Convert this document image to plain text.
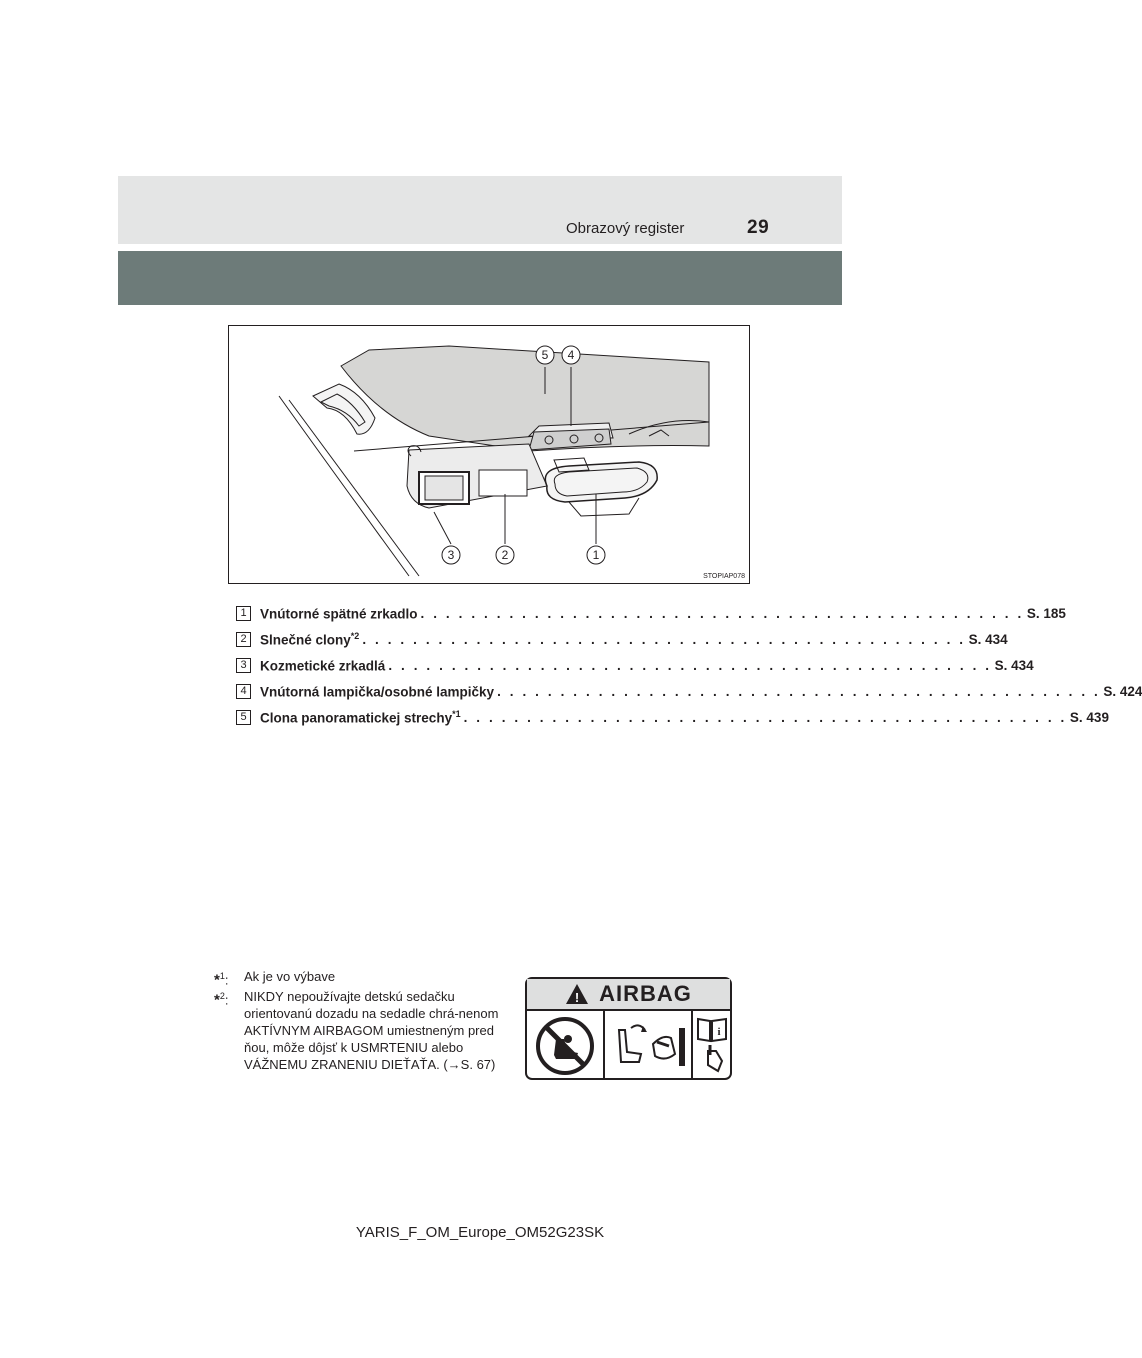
Obrazový register	29
5 4
3	2	1
STOPIAP078
1 Vnútorné spätné zrkadlo . . . . . . . . . . . . . . . . . . . . . . . . . . . . . . . . . . . . . . . . . . . . . . . . S. 185
2 Slnečné clony$^{*2}$ . . . . . . . . . . . . . . . . . . . . . . . . . . . . . . . . . . . . . . . . . . . . . . . . S. 434
3 Kozmetické zrkadlá . . . . . . . . . . . . . . . . . . . . . . . . . . . . . . . . . . . . . . . . . . . . . . . . S. 434
4 Vnútorná lampička/osobné lampičky . . . . . . . . . . . . . . . . . . . . . . . . . . . . . . . . . . . . . . . . . . . . . . . . S. 424
5 Clona panoramatickej strechy$^{*1}$ . . . . . . . . . . . . . . . . . . . . . . . . . . . . . . . . . . . . . . . . . . . . . . . . S. 439
*$^1$:	Ak je vo výbave
*$^2$:	NIKDY nepoužívajte detskú sedačku orientovanú dozadu na sedadle chrá-nenom AKTÍVNYM AIRBAGOM umiestneným pred ňou, môže dôjsť k USMRTENIU alebo VÁŽNEMU ZRANENIU DIEŤAŤA. (→S. 67)
! AIRBAG
i
YARIS_F_OM_Europe_OM52G23SK
